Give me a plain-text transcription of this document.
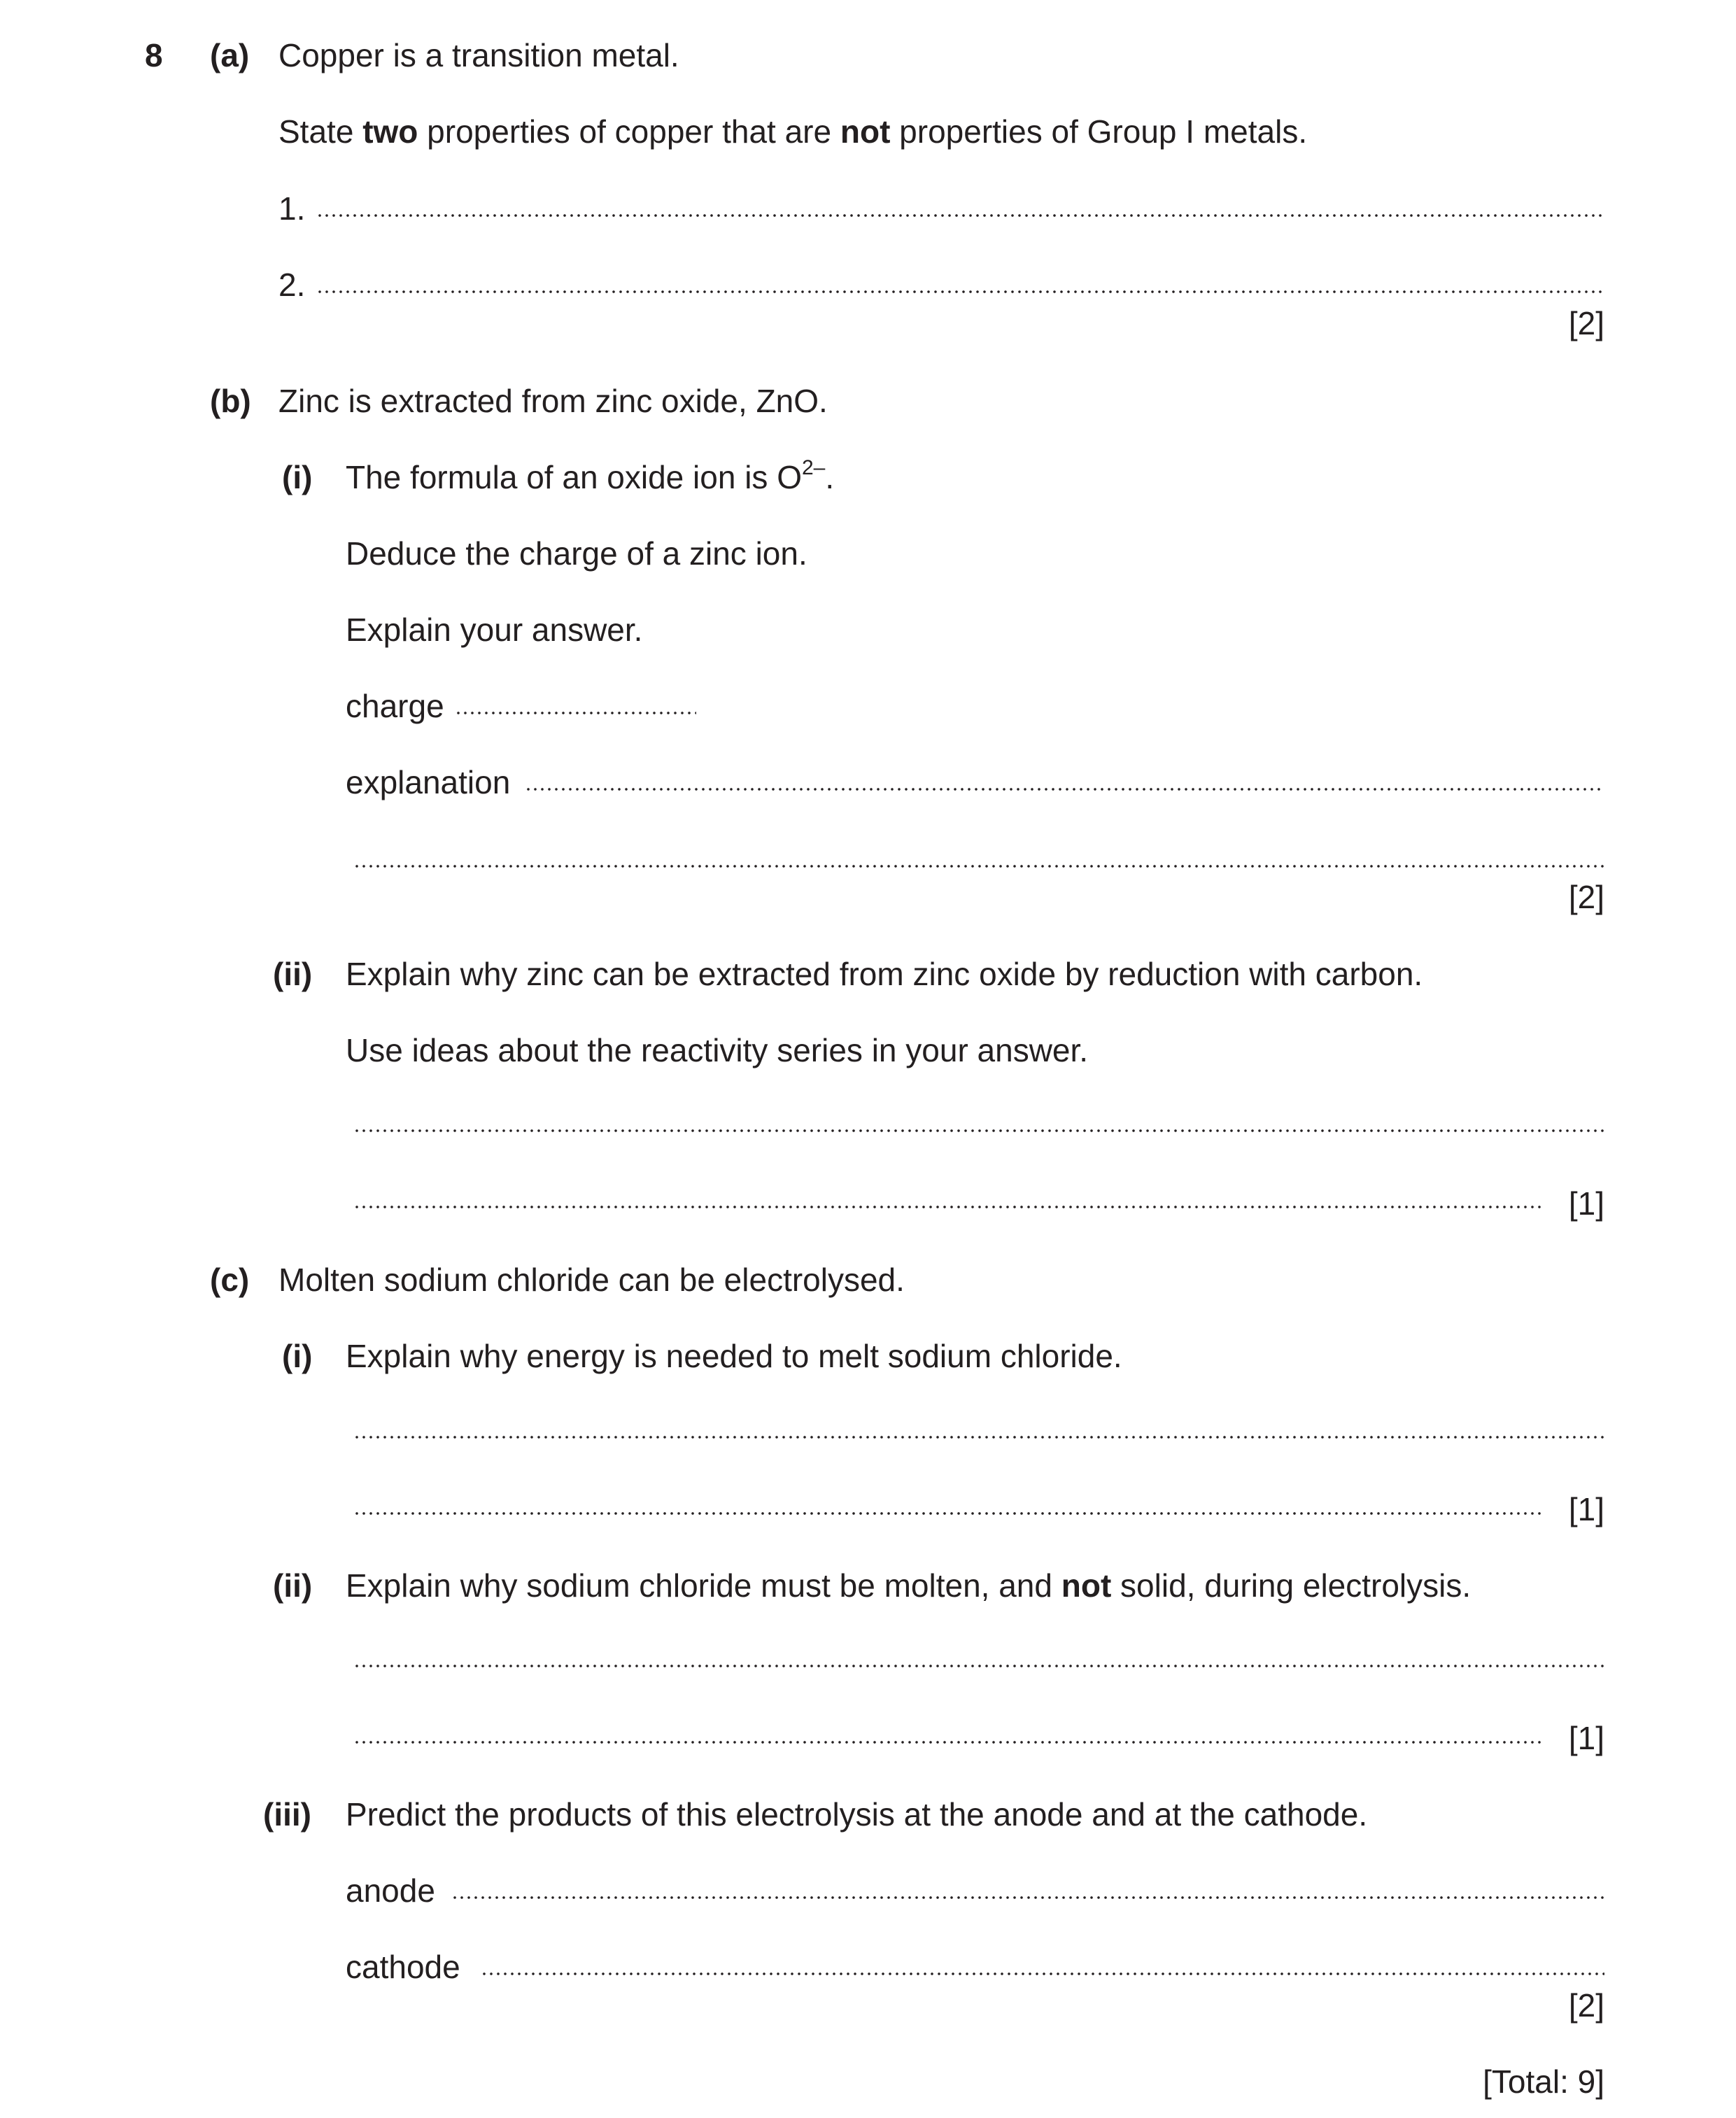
8 (a) Copper is a transition metal.
State two properties of copper that are not properties of Group I metals.
1.
2.
[2]
(b) Zinc is extracted from zinc oxide, ZnO.
(i) The formula of an oxide ion is $O^{2-}$.
Deduce the charge of a zinc ion.
Explain your answer.
charge
explanation
[2]
(ii) Explain why zinc can be extracted from zinc oxide by reduction with carbon.
Use ideas about the reactivity series in your answer.
[1]
(c) Molten sodium chloride can be electrolysed.
(i) Explain why energy is needed to melt sodium chloride.
[1]
(ii) Explain why sodium chloride must be molten, and not solid, during electrolysis.
[1]
(iii) Predict the products of this electrolysis at the anode and at the cathode.
anode
cathode
[2]
[Total: 9]
